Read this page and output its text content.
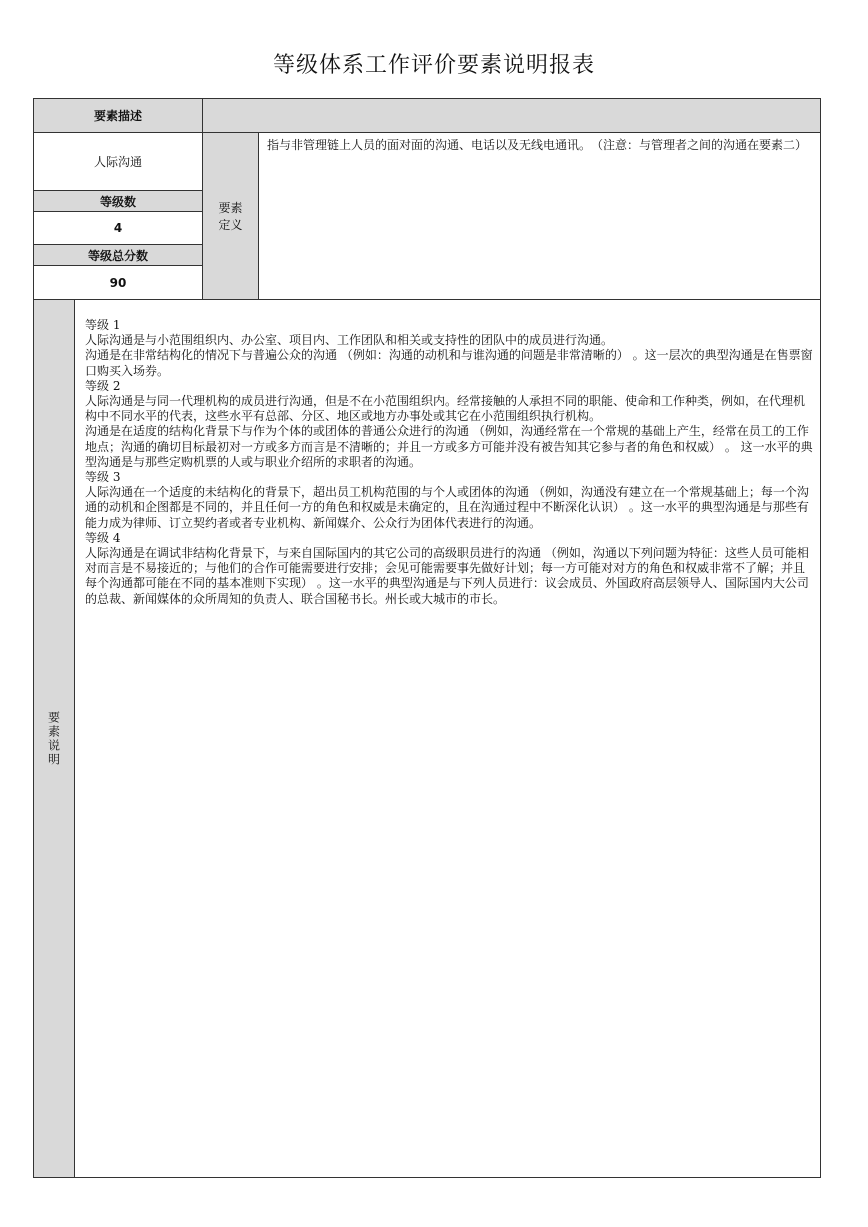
等级体系工作评价要素说明报表
要素描述
人际沟通
等级数
4
等级总分数
90
要素
定义
指与非管理链上人员的面对面的沟通、电话以及无线电通讯。　（注意：与管理者之间的沟通在要素二）
要素说明

等级 1

人际沟通是与小范围组织内、办公室、项目内、工作团队和相关或支持性的团队中的成员进行沟通。

沟通是在非常结构化的情况下与普遍公众的沟通 （例如：沟通的动机和与谁沟通的问题是非常清晰的） 。这一层次的典型沟通是在售票窗口购买入场券。

等级 2

人际沟通是与同一代理机构的成员进行沟通，但是不在小范围组织内。经常接触的人承担不同的职能、使命和工作种类，例如，在代理机构中不同水平的代表，这些水平有总部、分区、地区或地方办事处或其它在小范围组织执行机构。

沟通是在适度的结构化背景下与作为个体的或团体的普通公众进行的沟通 （例如，沟通经常在一个常规的基础上产生，经常在员工的工作地点；沟通的确切目标最初对一方或多方而言是不清晰的；并且一方或多方可能并没有被告知其它参与者的角色和权威） 。 这一水平的典型沟通是与那些定购机票的人或与职业介绍所的求职者的沟通。

等级 3

人际沟通在一个适度的未结构化的背景下，超出员工机构范围的与个人或团体的沟通 （例如，沟通没有建立在一个常规基础上；每一个沟通的动机和企图都是不同的，并且任何一方的角色和权威是未确定的，且在沟通过程中不断深化认识） 。这一水平的典型沟通是与那些有能力成为律师、订立契约者或者专业机构、新闻媒介、公众行为团体代表进行的沟通。

等级 4

人际沟通是在调试非结构化背景下，与来自国际国内的其它公司的高级职员进行的沟通 （例如，沟通以下列问题为特征：这些人员可能相对而言是不易接近的；与他们的合作可能需要进行安排；会见可能需要事先做好计划；每一方可能对对方的角色和权威非常不了解；并且每个沟通都可能在不同的基本准则下实现） 。这一水平的典型沟通是与下列人员进行：议会成员、外国政府高层领导人、国际国内大公司的总裁、新闻媒体的众所周知的负责人、联合国秘书长。州长或大城市的市长。
